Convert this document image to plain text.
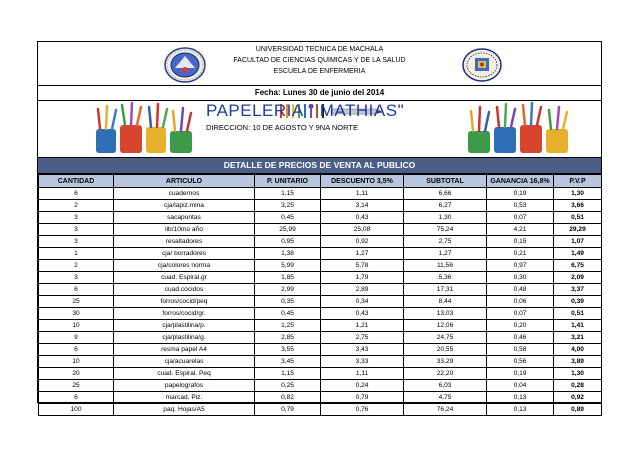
UNIVERSIDAD TECNICA DE MACHALA
FACULTAD DE CIENCIAS QUIMICAS Y DE LA SALUD
ESCUELA DE ENFERMERIA
Fecha: Lunes 30 de junio del 2014
PAPELERIA " MATHIAS"
DIRECCION: 10 DE AGOSTO Y 9NA NORTE
DETALLE DE PRECIOS DE VENTA AL PUBLICO
CANTIDAD	ARTICULO	P. UNITARIO	DESCUENTO 3,5%	SUBTOTAL	GANANCIA 16,8%	P.V.P
6	cuadernos	1,15	1,11	6,66	0,19	1,30
2	cja/lapiz.mina	3,25	3,14	6,27	0,53	3,66
3	sacapuntas	0,45	0,43	1,30	0,07	0,51
3	lib/10mo año	25,99	25,08	75,24	4,21	29,29
3	resaltadores	0,95	0,92	2,75	0,15	1,07
1	cja/ borradores	1,38	1,27	1,27	0,21	1,49
2	cja/colores norma	5,99	5,78	11,56	0,97	6,75
3	cuad. Espiral.gr	1,85	1,79	5,36	0,30	2,09
6	cuad.cocidos	2,99	2,89	17,31	0,48	3,37
25	forros/cocid/peq	0,35	0,34	8,44	0,06	0,39
30	forros/cocid/gr.	0,45	0,43	13,03	0,07	0,51
10	cja/plastilina/p.	1,25	1,21	12,06	0,20	1,41
9	cja/plastilina/g.	2,85	2,75	24,75	0,46	3,21
6	resma papel A4	3,55	3,43	20,55	0,58	4,00
10	cja/acuarelas	3,45	3,33	33,29	0,56	3,89
20	cuad. Espiral. Peq	1,15	1,11	22,20	0,19	1,30
25	papelografos	0,25	0,24	6,03	0,04	0,28
6	marcad. Piz.	0,82	0,79	4,75	0,13	0,92
100	paq. Hojas/A5	0,79	0,76	76,24	0,13	0,89
